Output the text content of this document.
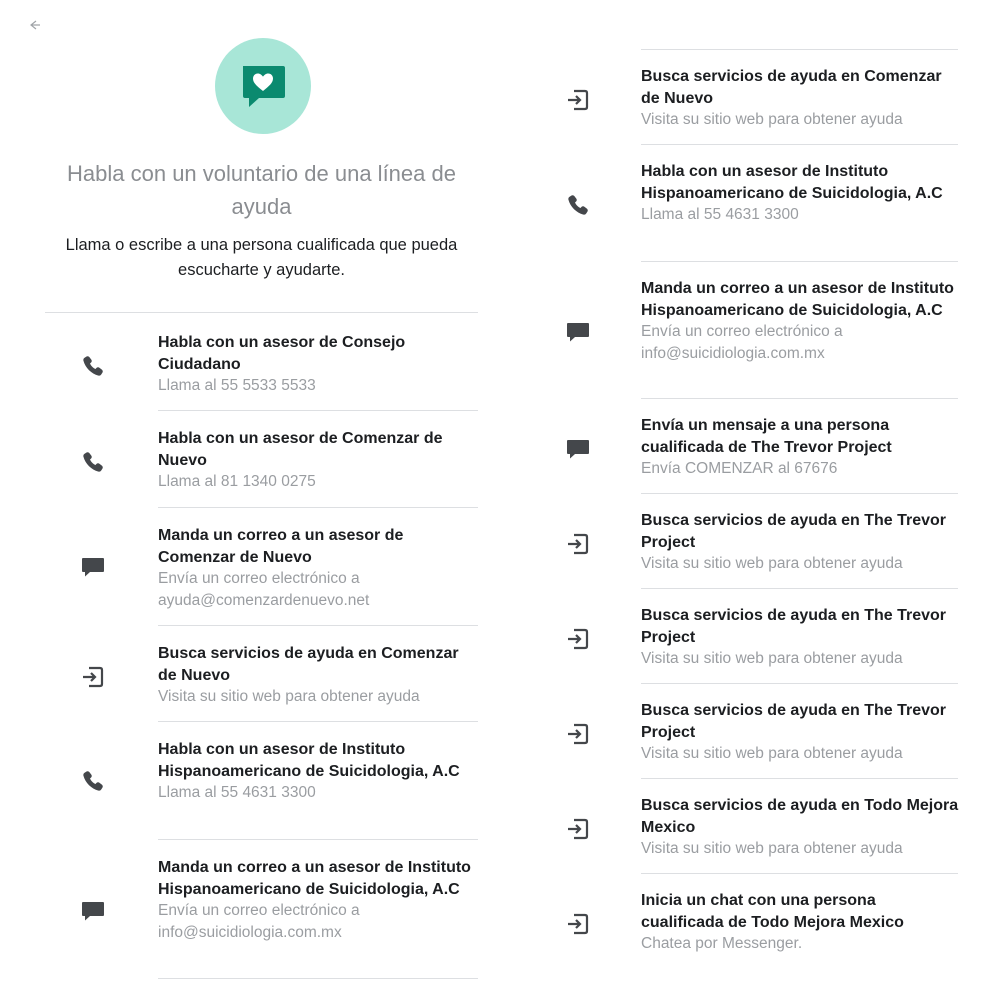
Habla con un voluntario de una línea de ayuda

Llama o escribe a una persona cualificada que pueda escucharte y ayudarte.

Habla con un asesor de Consejo Ciudadano
Llama al 55 5533 5533
Habla con un asesor de Comenzar de Nuevo
Llama al 81 1340 0275
Manda un correo a un asesor de Comenzar de Nuevo
Envía un correo electrónico a ayuda@comenzardenuevo.net
Busca servicios de ayuda en Comenzar de Nuevo
Visita su sitio web para obtener ayuda
Habla con un asesor de Instituto Hispanoamericano de Suicidologia, A.C
Llama al 55 4631 3300
Manda un correo a un asesor de Instituto Hispanoamericano de Suicidologia, A.C
Envía un correo electrónico a info@suicidiologia.com.mx
Busca servicios de ayuda en Comenzar de Nuevo
Visita su sitio web para obtener ayuda
Habla con un asesor de Instituto Hispanoamericano de Suicidologia, A.C
Llama al 55 4631 3300
Manda un correo a un asesor de Instituto Hispanoamericano de Suicidologia, A.C
Envía un correo electrónico a info@suicidiologia.com.mx
Envía un mensaje a una persona cualificada de The Trevor Project
Envía COMENZAR al 67676
Busca servicios de ayuda en The Trevor Project
Visita su sitio web para obtener ayuda
Busca servicios de ayuda en The Trevor Project
Visita su sitio web para obtener ayuda
Busca servicios de ayuda en The Trevor Project
Visita su sitio web para obtener ayuda
Busca servicios de ayuda en Todo Mejora Mexico
Visita su sitio web para obtener ayuda
Inicia un chat con una persona cualificada de Todo Mejora Mexico
Chatea por Messenger.
